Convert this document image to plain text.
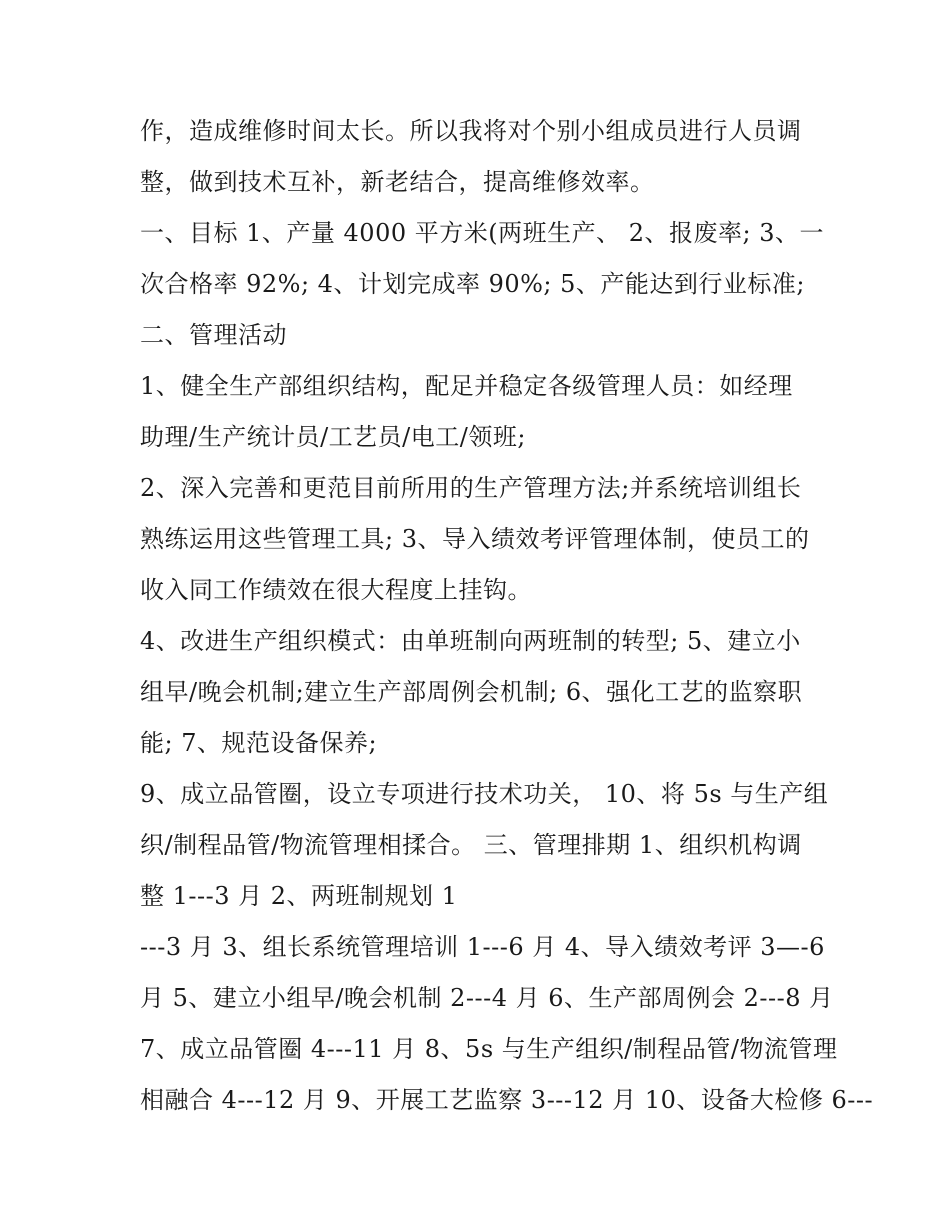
作，造成维修时间太长。所以我将对个别小组成员进行人员调
整，做到技术互补，新老结合，提高维修效率。
一、目标 1、产量 4000 平方米(两班生产、 2、报废率; 3、一
次合格率 92%; 4、计划完成率 90%; 5、产能达到行业标准;
二、管理活动
1、健全生产部组织结构，配足并稳定各级管理人员：如经理
助理/生产统计员/工艺员/电工/领班;
2、深入完善和更范目前所用的生产管理方法;并系统培训组长
熟练运用这些管理工具; 3、导入绩效考评管理体制，使员工的
收入同工作绩效在很大程度上挂钩。
4、改进生产组织模式：由单班制向两班制的转型; 5、建立小
组早/晚会机制;建立生产部周例会机制; 6、强化工艺的监察职
能; 7、规范设备保养;
9、成立品管圈，设立专项进行技术功关， 10、将 5s 与生产组
织/制程品管/物流管理相揉合。 三、管理排期 1、组织机构调
整 1---3 月 2、两班制规划 1
---3 月 3、组长系统管理培训 1---6 月 4、导入绩效考评 3—-6
月 5、建立小组早/晚会机制 2---4 月 6、生产部周例会 2---8 月
7、成立品管圈 4---11 月 8、5s 与生产组织/制程品管/物流管理
相融合 4---12 月 9、开展工艺监察 3---12 月 10、设备大检修 6---
